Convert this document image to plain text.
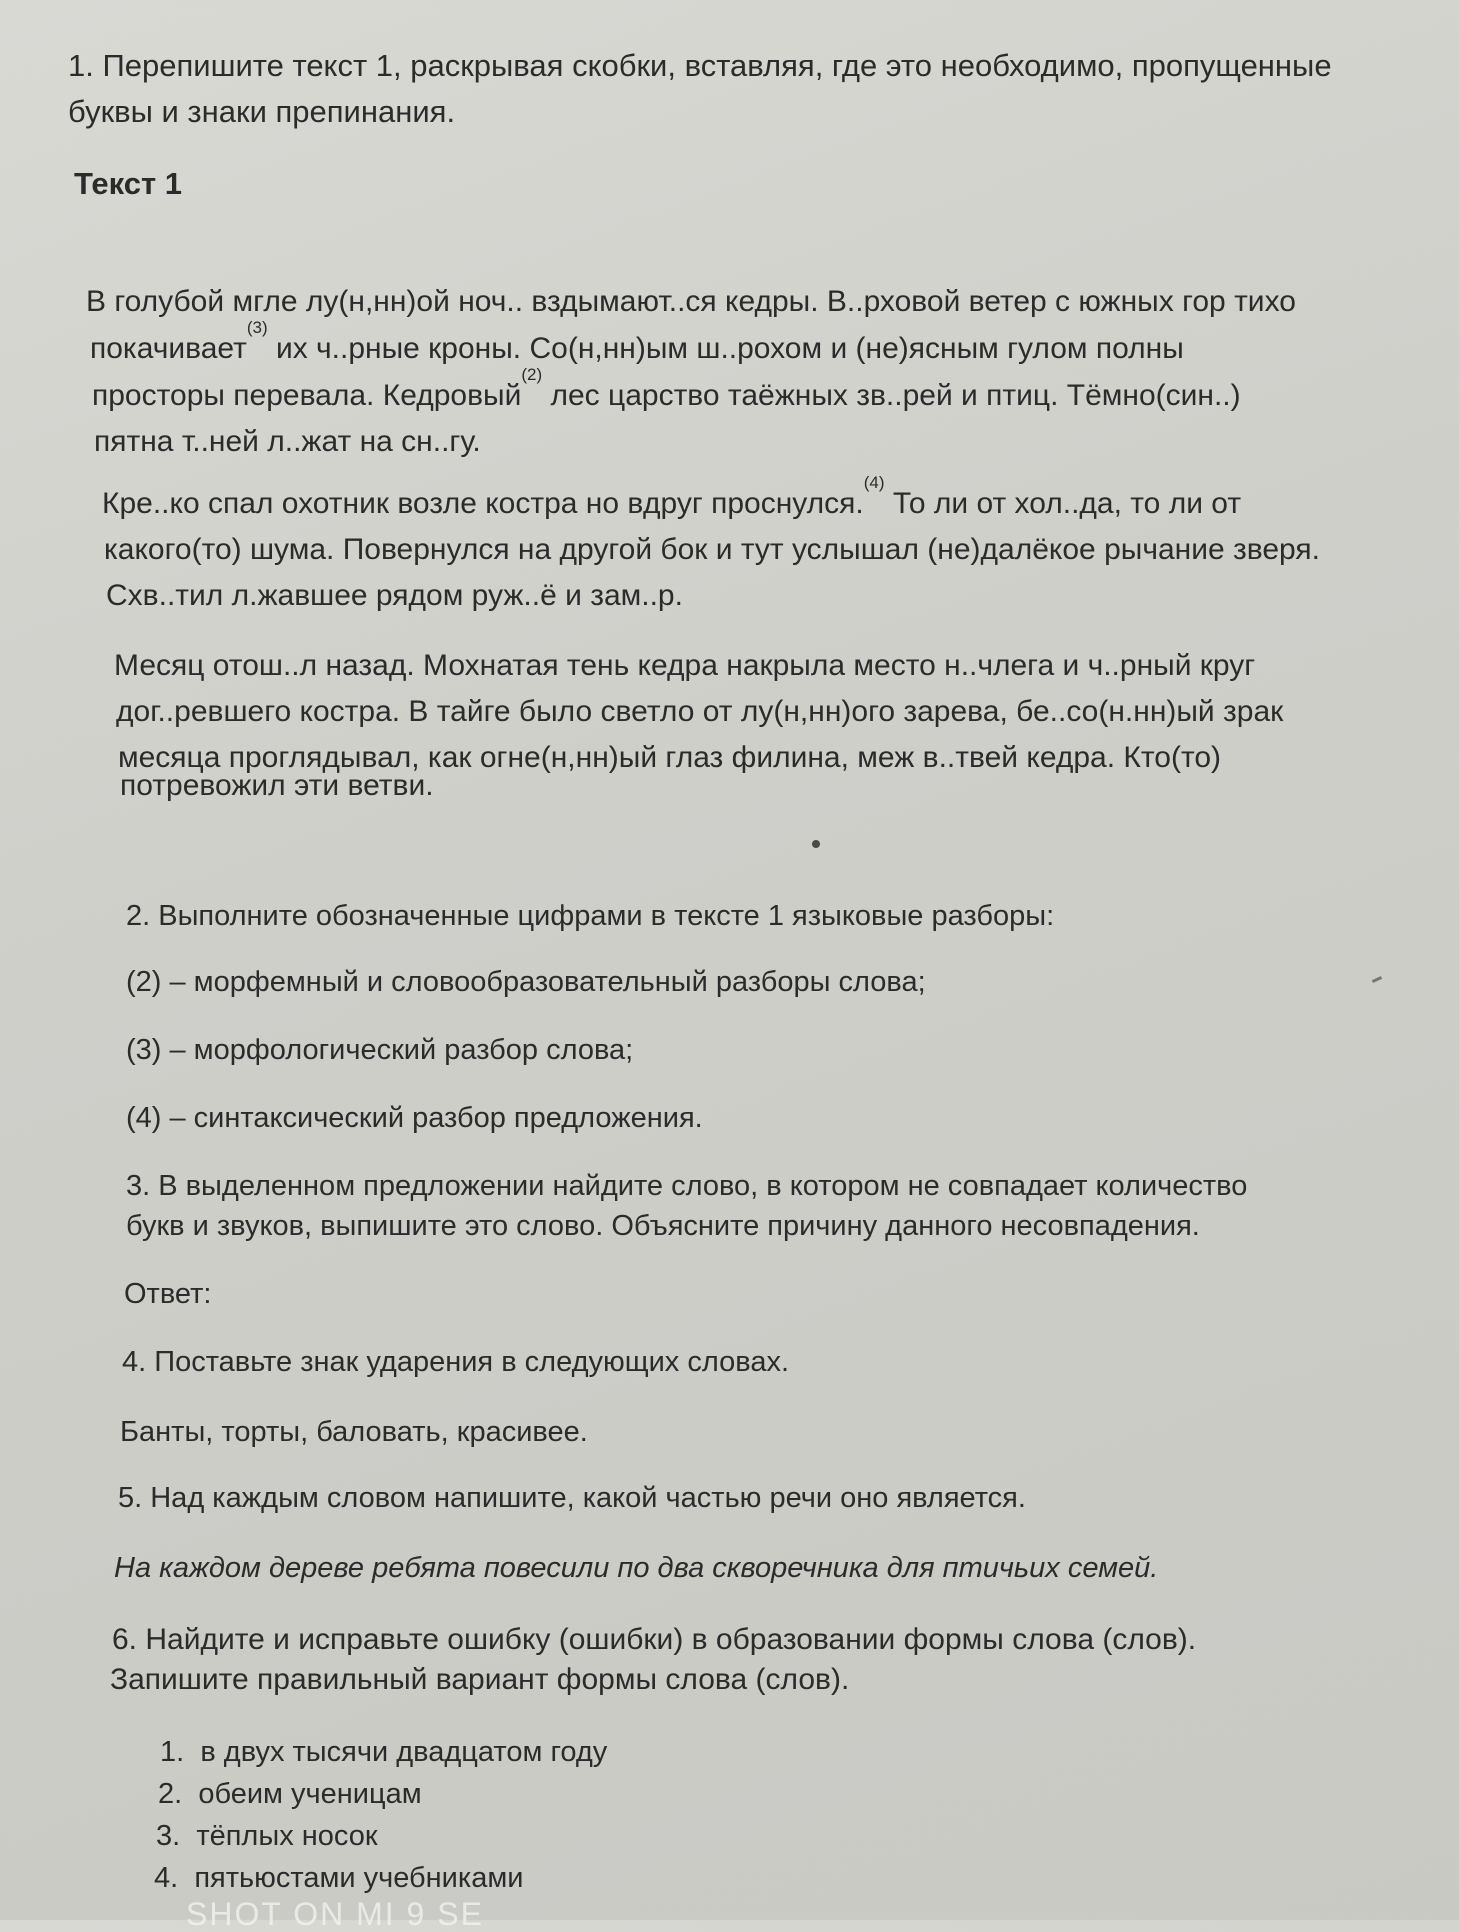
1. Перепишите текст 1, раскрывая скобки, вставляя, где это необходимо, пропущенные
буквы и знаки препинания.
Текст 1
В голубой мгле лу(н,нн)ой ноч.. вздымают..ся кедры. В..рховой ветер с южных гор тихо
покачивает$^{(3)}$ их ч..рные кроны. Со(н,нн)ым ш..рохом и (не)ясным гулом полны
просторы перевала. Кедровый$^{(2)}$ лес царство таёжных зв..рей и птиц. Тёмно(син..)
пятна т..ней л..жат на сн..гу.
Кре..ко спал охотник возле костра но вдруг проснулся.$^{(4)}$ То ли от хол..да, то ли от
какого(то) шума. Повернулся на другой бок и тут услышал (не)далёкое рычание зверя.
Схв..тил л.жавшее рядом руж..ё и зам..р.
Месяц отош..л назад. Мохнатая тень кедра накрыла место н..члега и ч..рный круг
дог..ревшего костра. В тайге было светло от лу(н,нн)ого зарева, бе..со(н.нн)ый зрак
месяца проглядывал, как огне(н,нн)ый глаз филина, меж в..твей кедра. Кто(то)
потревожил эти ветви.
2. Выполните обозначенные цифрами в тексте 1 языковые разборы:
(2) – морфемный и словообразовательный разборы слова;
(3) – морфологический разбор слова;
(4) – синтаксический разбор предложения.
3. В выделенном предложении найдите слово, в котором не совпадает количество
букв и звуков, выпишите это слово. Объясните причину данного несовпадения.
Ответ:
4. Поставьте знак ударения в следующих словах.
Банты, торты, баловать, красивее.
5. Над каждым словом напишите, какой частью речи оно является.
На каждом дереве ребята повесили по два скворечника для птичьих семей.
6. Найдите и исправьте ошибку (ошибки) в образовании формы слова (слов).
Запишите правильный вариант формы слова (слов).
1. в двух тысячи двадцатом году
2. обеим ученицам
3. тёплых носок
4. пятьюстами учебниками
SHOT ON MI 9 SE
